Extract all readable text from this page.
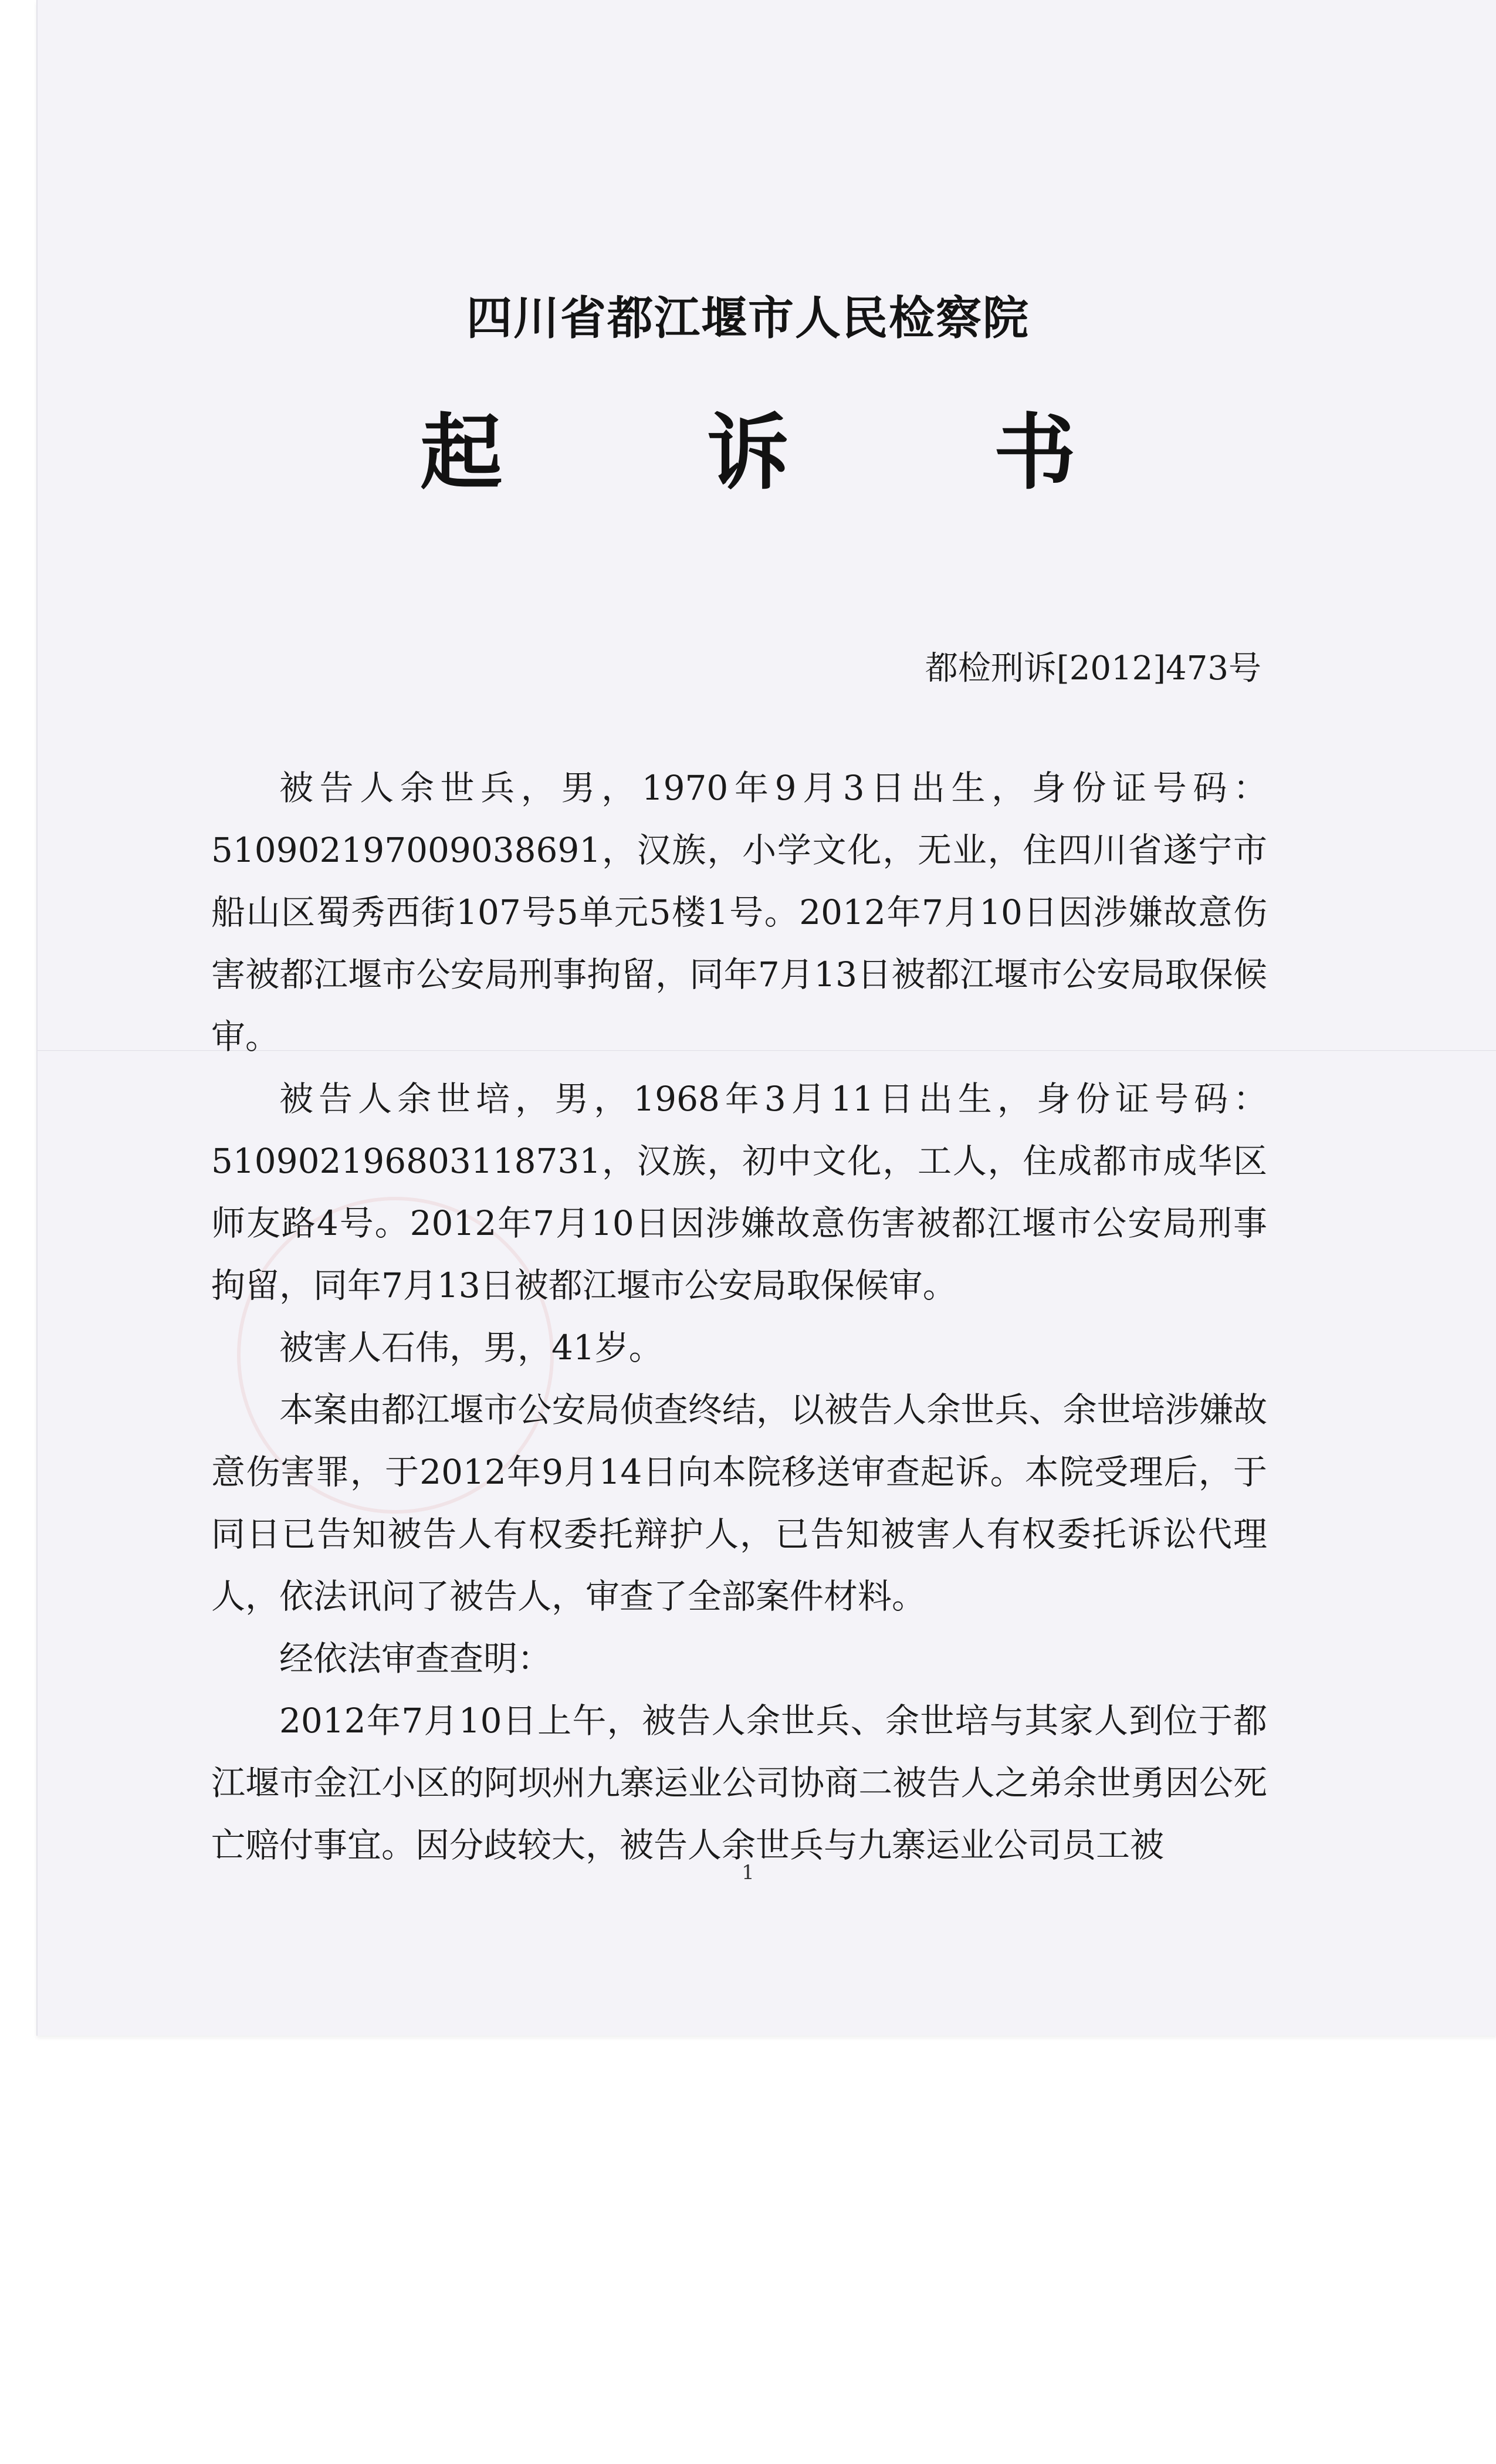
四川省都江堰市人民检察院
起 诉 书
都检刑诉[2012]473号

被告人余世兵，男，1970年9月3日出生，身份证号码：510902197009038691，汉族，小学文化，无业，住四川省遂宁市船山区蜀秀西街107号5单元5楼1号。2012年7月10日因涉嫌故意伤害被都江堰市公安局刑事拘留，同年7月13日被都江堰市公安局取保候审。

被告人余世培，男，1968年3月11日出生，身份证号码：510902196803118731，汉族，初中文化，工人，住成都市成华区师友路4号。2012年7月10日因涉嫌故意伤害被都江堰市公安局刑事拘留，同年7月13日被都江堰市公安局取保候审。

被害人石伟，男，41岁。

本案由都江堰市公安局侦查终结，以被告人余世兵、余世培涉嫌故意伤害罪，于2012年9月14日向本院移送审查起诉。本院受理后，于同日已告知被告人有权委托辩护人，已告知被害人有权委托诉讼代理人，依法讯问了被告人，审查了全部案件材料。

经依法审查查明：

2012年7月10日上午，被告人余世兵、余世培与其家人到位于都江堰市金江小区的阿坝州九寨运业公司协商二被告人之弟余世勇因公死亡赔付事宜。因分歧较大，被告人余世兵与九寨运业公司员工被

1
